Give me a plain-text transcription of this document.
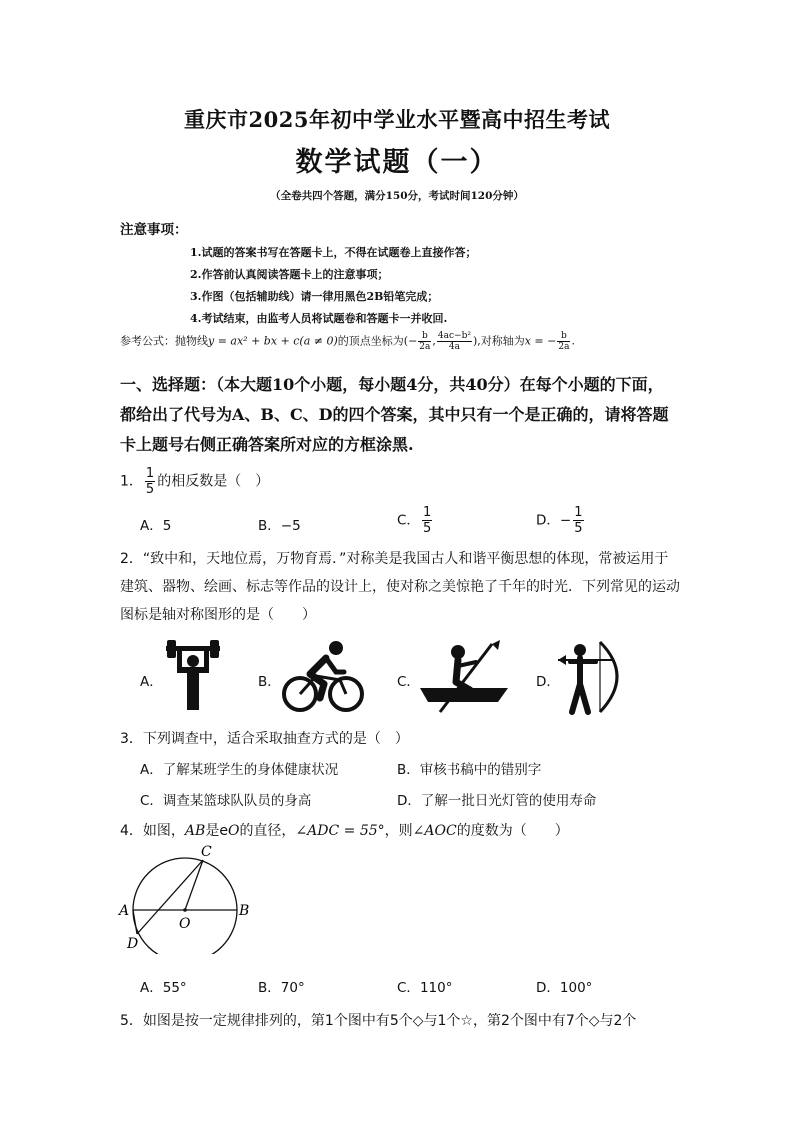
重庆市2025年初中学业水平暨高中招生考试
数学试题（一）
（全卷共四个答题，满分150分，考试时间120分钟）
注意事项：
1.试题的答案书写在答题卡上，不得在试题卷上直接作答；
2.作答前认真阅读答题卡上的注意事项；
3.作图（包括辅助线）请一律用黑色2B铅笔完成；
4.考试结束，由监考人员将试题卷和答题卡一并收回.
参考公式：抛物线y = ax² + bx + c(a ≠ 0)的顶点坐标为(− $\frac{b}{2a}$ , $\frac{\text{4ac−b²}}{4a}$ ),对称轴为x = − $\frac{b}{2a}$ .
一、选择题：（本大题10个小题，每小题4分，共40分）在每个小题的下面，
都给出了代号为A、B、C、D的四个答案，其中只有一个是正确的，请将答题
卡上题号右侧正确答案所对应的方框涂黑.
1． $\frac{1}{5}$ 的相反数是（　）
A．5	B．−5	C． $\frac{1}{5}$	D．− $\frac{1}{5}$
2．“致中和，天地位焉，万物育焉．”对称美是我国古人和谐平衡思想的体现，常被运用于
建筑、器物、绘画、标志等作品的设计上，使对称之美惊艳了千年的时光．下列常见的运动
图标是轴对称图形的是（　　）
A．	B．	C．	D．
3．下列调查中，适合采取抽查方式的是（　）
A．了解某班学生的身体健康状况	B．审核书稿中的错别字
C．调查某篮球队队员的身高	D．了解一批日光灯管的使用寿命
4．如图，AB是eO的直径，∠ADC = 55°，则∠AOC的度数为（　　）
C
A	B
O
D
A．55°	B．70°	C．110°	D．100°
5．如图是按一定规律排列的，第1个图中有5个◇与1个☆，第2个图中有7个◇与2个
